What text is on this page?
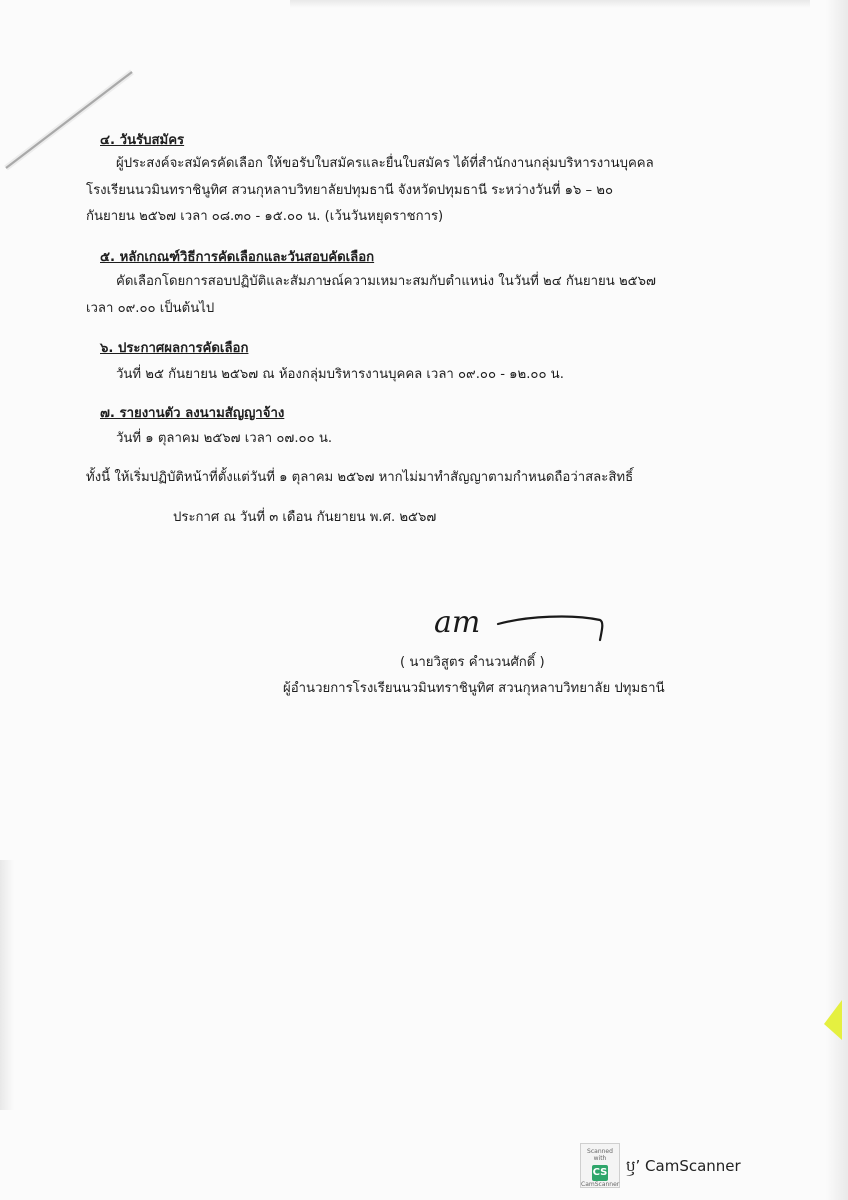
๔. วันรับสมัคร
ผู้ประสงค์จะสมัครคัดเลือก ให้ขอรับใบสมัครและยื่นใบสมัคร ได้ที่สำนักงานกลุ่มบริหารงานบุคคล
โรงเรียนนวมินทราชินูทิศ สวนกุหลาบวิทยาลัยปทุมธานี จังหวัดปทุมธานี ระหว่างวันที่ ๑๖ – ๒๐
กันยายน ๒๕๖๗ เวลา ๐๘.๓๐ - ๑๕.๐๐ น. (เว้นวันหยุดราชการ)
๕. หลักเกณฑ์วิธีการคัดเลือกและวันสอบคัดเลือก
คัดเลือกโดยการสอบปฏิบัติและสัมภาษณ์ความเหมาะสมกับตำแหน่ง ในวันที่ ๒๔ กันยายน ๒๕๖๗
เวลา ๐๙.๐๐ เป็นต้นไป
๖. ประกาศผลการคัดเลือก
วันที่ ๒๕ กันยายน ๒๕๖๗ ณ ห้องกลุ่มบริหารงานบุคคล เวลา ๐๙.๐๐ - ๑๒.๐๐ น.
๗. รายงานตัว ลงนามสัญญาจ้าง
วันที่ ๑ ตุลาคม ๒๕๖๗ เวลา ๐๗.๐๐ น.
ทั้งนี้ ให้เริ่มปฏิบัติหน้าที่ตั้งแต่วันที่ ๑ ตุลาคม ๒๕๖๗ หากไม่มาทำสัญญาตามกำหนดถือว่าสละสิทธิ์
ประกาศ ณ วันที่ ๓ เดือน กันยายน พ.ศ. ๒๕๖๗
am
( นายวิสูตร คำนวนศักดิ์ )
ผู้อำนวยการโรงเรียนนวมินทราชินูทิศ สวนกุหลาบวิทยาลัย ปทุมธานี
Scanned with
CS
CamScanner
ឫʼ CamScanner
